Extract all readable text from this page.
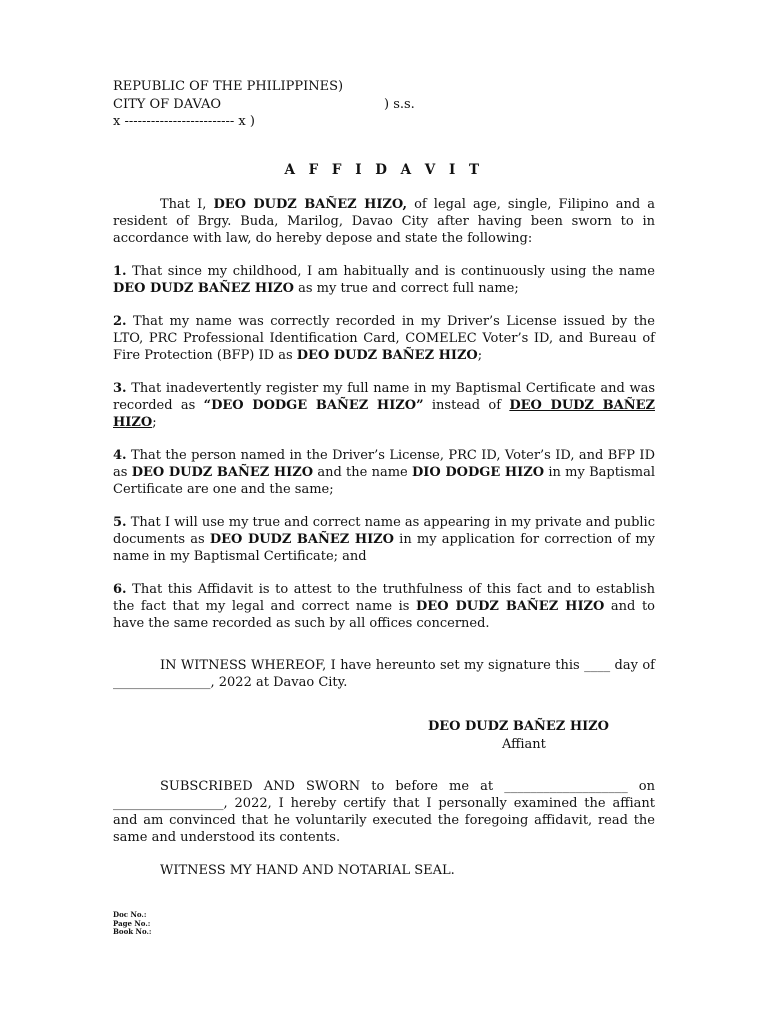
REPUBLIC OF THE PHILIPPINES)
CITY OF DAVAO	) s.s.
x ------------------------- x )
A F F I D A V I T
That I, DEO DUDZ BAÑEZ HIZO, of legal age, single, Filipino and a resident of Brgy. Buda, Marilog, Davao City after having been sworn to in accordance with law, do hereby depose and state the following:
1. That since my childhood, I am habitually and is continuously using the name DEO DUDZ BAÑEZ HIZO as my true and correct full name;
2. That my name was correctly recorded in my Driver’s License issued by the LTO, PRC Professional Identification Card, COMELEC Voter’s ID, and Bureau of Fire Protection (BFP) ID as DEO DUDZ BAÑEZ HIZO;
3. That inadevertently register my full name in my Baptismal Certificate and was recorded as “DEO DODGE BAÑEZ HIZO” instead of DEO DUDZ BAÑEZ HIZO;
4. That the person named in the Driver’s License, PRC ID, Voter’s ID, and BFP ID as DEO DUDZ BAÑEZ HIZO and the name DIO DODGE HIZO in my Baptismal Certificate are one and the same;
5. That I will use my true and correct name as appearing in my private and public documents as DEO DUDZ BAÑEZ HIZO in my application for correction of my name in my Baptismal Certificate; and
6. That this Affidavit is to attest to the truthfulness of this fact and to establish the fact that my legal and correct name is DEO DUDZ BAÑEZ HIZO and to have the same recorded as such by all offices concerned.
IN WITNESS WHEREOF, I have hereunto set my signature this ____ day of _______________, 2022 at Davao City.
DEO DUDZ BAÑEZ HIZO
Affiant
SUBSCRIBED AND SWORN to before me at ___________________ on _________________, 2022, I hereby certify that I personally examined the affiant and am convinced that he voluntarily executed the foregoing affidavit, read the same and understood its contents.
WITNESS MY HAND AND NOTARIAL SEAL.
Doc No.:
Page No.:
Book No.:
